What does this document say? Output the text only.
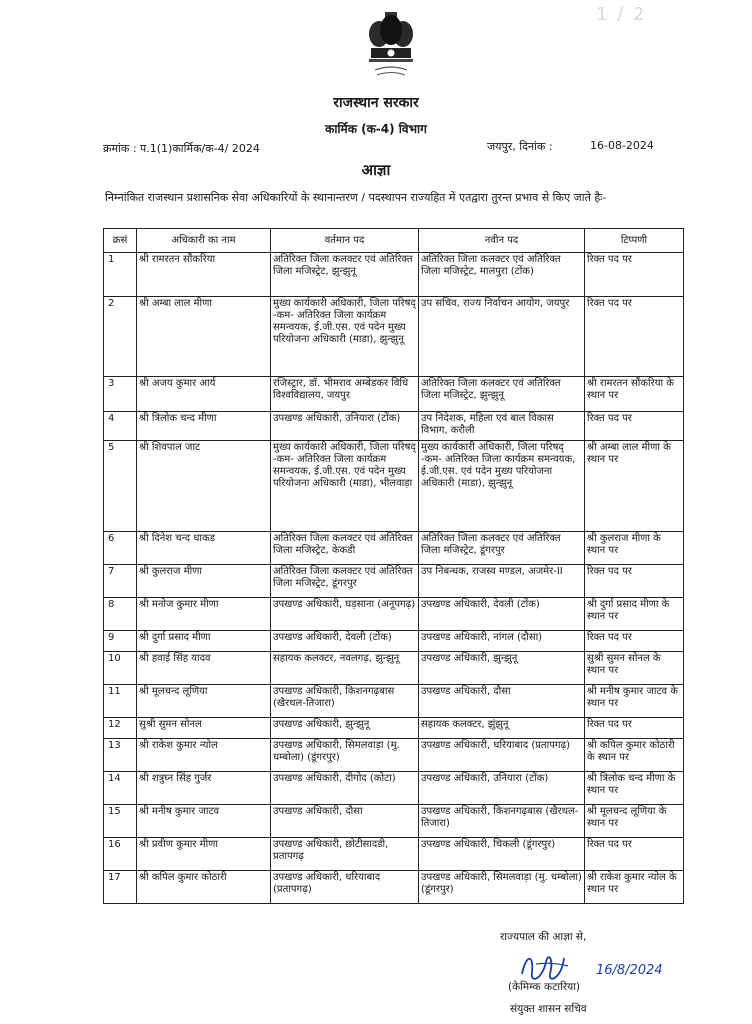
1 / 2
राजस्थान सरकार
कार्मिक (क-4) विभाग
क्रमांक : प.1(1)कार्मिक/क-4/ 2024	जयपुर, दिनांक :	16-08-2024
आज्ञा
निम्नांकित राजस्थान प्रशासनिक सेवा अधिकारियों के स्थानान्तरण / पदस्थापन राज्यहित में एतद्वारा तुरन्त प्रभाव से किए जाते हैः-
क्रसं	अधिकारी का नाम	वर्तमान पद	नवीन पद	टिप्पणी
1	श्री रामरतन सौंकरिया	अतिरिक्त जिला कलक्टर एवं अतिरिक्त जिला मजिस्ट्रेट, झुन्झुनू	अतिरिक्त जिला कलक्टर एवं अतिरिक्त जिला मजिस्ट्रेट, मालपुरा (टोंक)	रिक्त पद पर
2	श्री अम्बा लाल मीणा	मुख्य कार्यकारी अधिकारी, जिला परिषद् -कम- अतिरिक्त जिला कार्यक्रम समन्वयक, ई.जी.एस. एवं पदेन मुख्य परियोजना अधिकारी (माडा), झुन्झुनू	उप सचिव, राज्य निर्वाचन आयोग, जयपुर	रिक्त पद पर
3	श्री अजय कुमार आर्य	रजिस्ट्रार, डॉ. भीमराव अम्बेडकर विधि विश्वविद्यालय, जयपुर	अतिरिक्त जिला कलक्टर एवं अतिरिक्त जिला मजिस्ट्रेट, झुन्झुनू	श्री रामरतन सौंकरिया के स्थान पर
4	श्री त्रिलोक चन्द मीणा	उपखण्ड अधिकारी, उनियारा (टोंक)	उप निदेशक, महिला एवं बाल विकास विभाग, करौली	रिक्त पद पर
5	श्री शिवपाल जाट	मुख्य कार्यकारी अधिकारी, जिला परिषद् -कम- अतिरिक्त जिला कार्यक्रम समन्वयक, ई.जी.एस. एवं पदेन मुख्य परियोजना अधिकारी (माडा), भीलवाड़ा	मुख्य कार्यकारी अधिकारी, जिला परिषद् -कम- अतिरिक्त जिला कार्यक्रम समन्वयक, ई.जी.एस. एवं पदेन मुख्य परियोजना अधिकारी (माडा), झुन्झुनू	श्री अम्बा लाल मीणा के स्थान पर
6	श्री दिनेश चन्द धाकड	अतिरिक्त जिला कलक्टर एवं अतिरिक्त जिला मजिस्ट्रेट, केकडी	अतिरिक्त जिला कलक्टर एवं अतिरिक्त जिला मजिस्ट्रेट, डूंगरपुर	श्री कुलराज मीणा के स्थान पर
7	श्री कुलराज मीणा	अतिरिक्त जिला कलक्टर एवं अतिरिक्त जिला मजिस्ट्रेट, डूंगरपुर	उप निबन्धक, राजस्व मण्डल, अजमेर-II	रिक्त पद पर
8	श्री मनोज कुमार मीणा	उपखण्ड अधिकारी, घड़साना (अनूपगढ़)	उपखण्ड अधिकारी, देवली (टोंक)	श्री दुर्गा प्रसाद मीणा के स्थान पर
9	श्री दुर्गा प्रसाद मीणा	उपखण्ड अधिकारी, देवली (टोंक)	उपखण्ड अधिकारी, नांगल (दौसा)	रिक्त पद पर
10	श्री हवाई सिंह यादव	सहायक कलक्टर, नवलगढ़, झुन्झुनू	उपखण्ड अधिकारी, झुन्झुनू	सुश्री सुमन सोनल के स्थान पर
11	श्री मूलचन्द लूणिया	उपखण्ड अधिकारी, किशनगढ़बास (खैरथल-तिजारा)	उपखण्ड अधिकारी, दौसा	श्री मनीष कुमार जाटव के स्थान पर
12	सुश्री सुमन सोनल	उपखण्ड अधिकारी, झुन्झुनू	सहायक कलक्टर, झुंझुनू	रिक्त पद पर
13	श्री राकेश कुमार न्योल	उपखण्ड अधिकारी, सिमलवाड़ा (मु. धम्बोला) (डूंगरपुर)	उपखण्ड अधिकारी, धरियाबाद (प्रतापगढ़)	श्री कपिल कुमार कोठारी के स्थान पर
14	श्री शत्रुघ्न सिंह गुर्जर	उपखण्ड अधिकारी, दीगोद (कोटा)	उपखण्ड अधिकारी, उनियारा (टोंक)	श्री त्रिलोक चन्द मीणा के स्थान पर
15	श्री मनीष कुमार जाटव	उपखण्ड अधिकारी, दौसा	उपखण्ड अधिकारी, किशनगढ़बास (खैरथल-तिजारा)	श्री मूलचन्द लूणिया के स्थान पर
16	श्री प्रवीण कुमार मीणा	उपखण्ड अधिकारी, छोटीसादडी, प्रतापगढ़	उपखण्ड अधिकारी, चिकली (डूंगरपुर)	रिक्त पद पर
17	श्री कपिल कुमार कोठारी	उपखण्ड अधिकारी, धरियाबाद (प्रतापगढ़)	उपखण्ड अधिकारी, सिमलवाड़ा (मु. धम्बोला) (डूंगरपुर)	श्री राकेश कुमार न्योल के स्थान पर
राज्यपाल की आज्ञा से,
16/8/2024
(केमिम्क कटारिया)
संयुक्त शासन सचिव
